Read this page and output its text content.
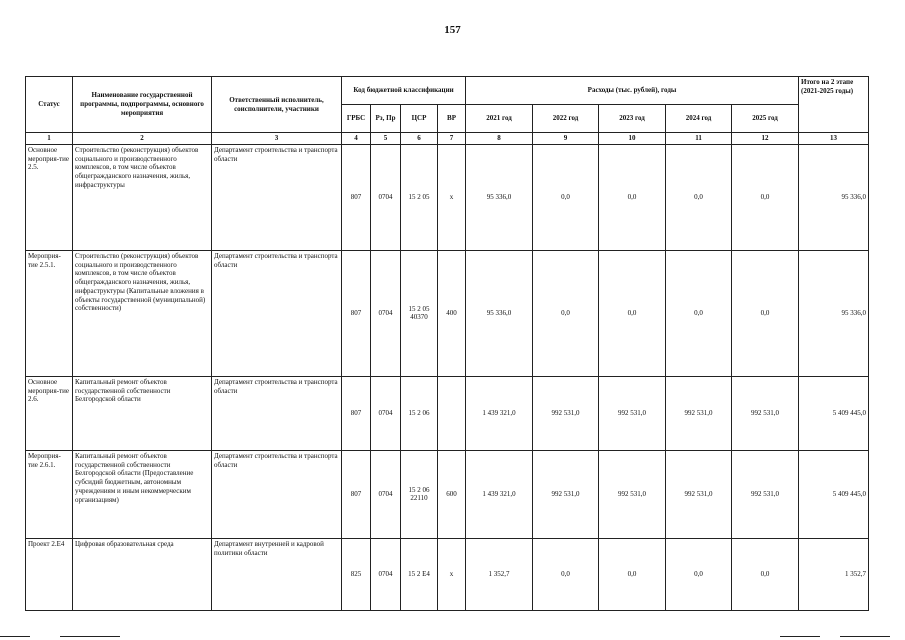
157
Статус	Наименование государственной программы, подпрограммы, основного мероприятия	Ответственный исполнитель, соисполнители, участники	Код бюджетной классификации				Расходы (тыс. рублей), годы					Итого на 2 этапе (2021-2025 годы)
			ГРБС	Рз, Пр	ЦСР	ВР	2021 год	2022 год	2023 год	2024 год	2025 год	
1	2	3	4	5	6	7	8	9	10	11	12	13
Основное мероприя-тие 2.5.	Строительство (реконструкция) объектов социального и производственного комплексов, в том числе объектов общегражданского назначения, жилья, инфраструктуры	Департамент строительства и транспорта области	807	0704	15 2 05	x	95 336,0	0,0	0,0	0,0	0,0	95 336,0
Мероприя-тие 2.5.1.	Строительство (реконструкция) объектов социального и производственного комплексов, в том числе объектов общегражданского назначения, жилья, инфраструктуры (Капитальные вложения в объекты государственной (муниципальной) собственности)	Департамент строительства и транспорта области	807	0704	15 2 05 40370	400	95 336,0	0,0	0,0	0,0	0,0	95 336,0
Основное мероприя-тие 2.6.	Капитальный ремонт объектов государственной собственности Белгородской области	Департамент строительства и транспорта области	807	0704	15 2 06		1 439 321,0	992 531,0	992 531,0	992 531,0	992 531,0	5 409 445,0
Мероприя-тие 2.6.1.	Капитальный ремонт объектов государственной собственности Белгородской области (Предоставление субсидий бюджетным, автономным учреждениям и иным некоммерческим организациям)	Департамент строительства и транспорта области	807	0704	15 2 06 22110	600	1 439 321,0	992 531,0	992 531,0	992 531,0	992 531,0	5 409 445,0
Проект 2.Е4	Цифровая образовательная среда	Департамент внутренней и кадровой политики области	825	0704	15 2 Е4	x	1 352,7	0,0	0,0	0,0	0,0	1 352,7
